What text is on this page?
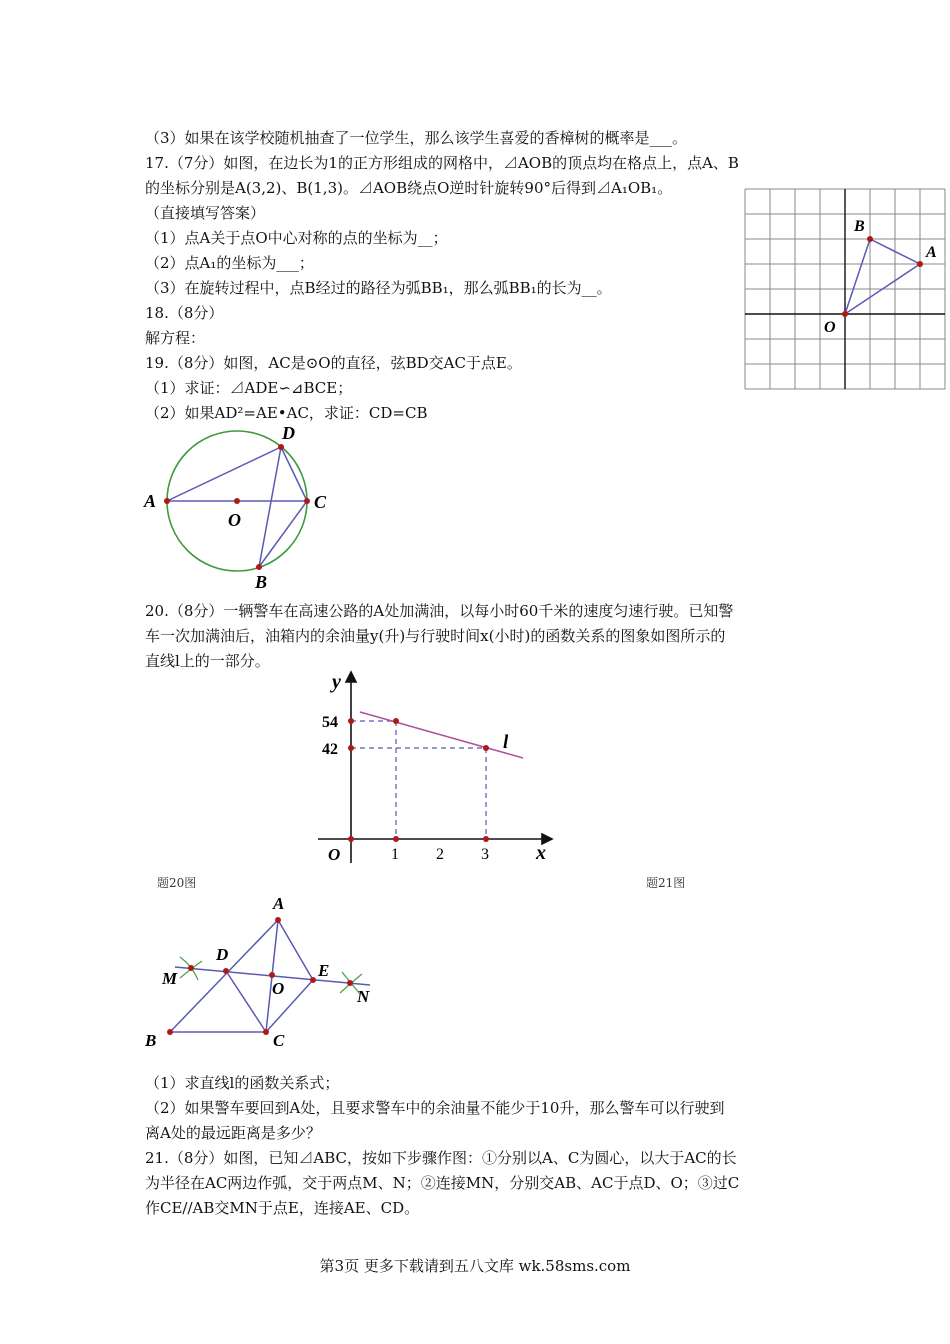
（3）如果在该学校随机抽查了一位学生，那么该学生喜爱的香樟树的概率是___。
17.（7分）如图，在边长为1的正方形组成的网格中，⊿AOB的顶点均在格点上，点A、B
的坐标分别是A(3,2)、B(1,3)。⊿AOB绕点O逆时针旋转90°后得到⊿A₁OB₁。
（直接填写答案）
（1）点A关于点O中心对称的点的坐标为__；
（2）点A₁的坐标为___；
（3）在旋转过程中，点B经过的路径为弧BB₁，那么弧BB₁的长为__。
18.（8分）
解方程：
19.（8分）如图，AC是⊙O的直径，弦BD交AC于点E。
（1）求证：⊿ADE∽⊿BCE；
（2）如果AD²=AE•AC，求证：CD=CB
20.（8分）一辆警车在高速公路的A处加满油，以每小时60千米的速度匀速行驶。已知警
车一次加满油后，油箱内的余油量y(升)与行驶时间x(小时)的函数关系的图象如图所示的
直线l上的一部分。
（1）求直线l的函数关系式；
（2）如果警车要回到A处，且要求警车中的余油量不能少于10升，那么警车可以行驶到
离A处的最远距离是多少？
21.（8分）如图，已知⊿ABC，按如下步骤作图：①分别以A、C为圆心，以大于AC的长
为半径在AC两边作弧，交于两点M、N；②连接MN，分别交AB、AC于点D、O；③过C
作CE//AB交MN于点E，连接AE、CD。
A
B
O
A	C
D
B
O
y
x
O
l
54
42
1 2 3
题20图	题21图
A
B	C
D
E
O
M
N
第3页 更多下载请到五八文库 wk.58sms.com
